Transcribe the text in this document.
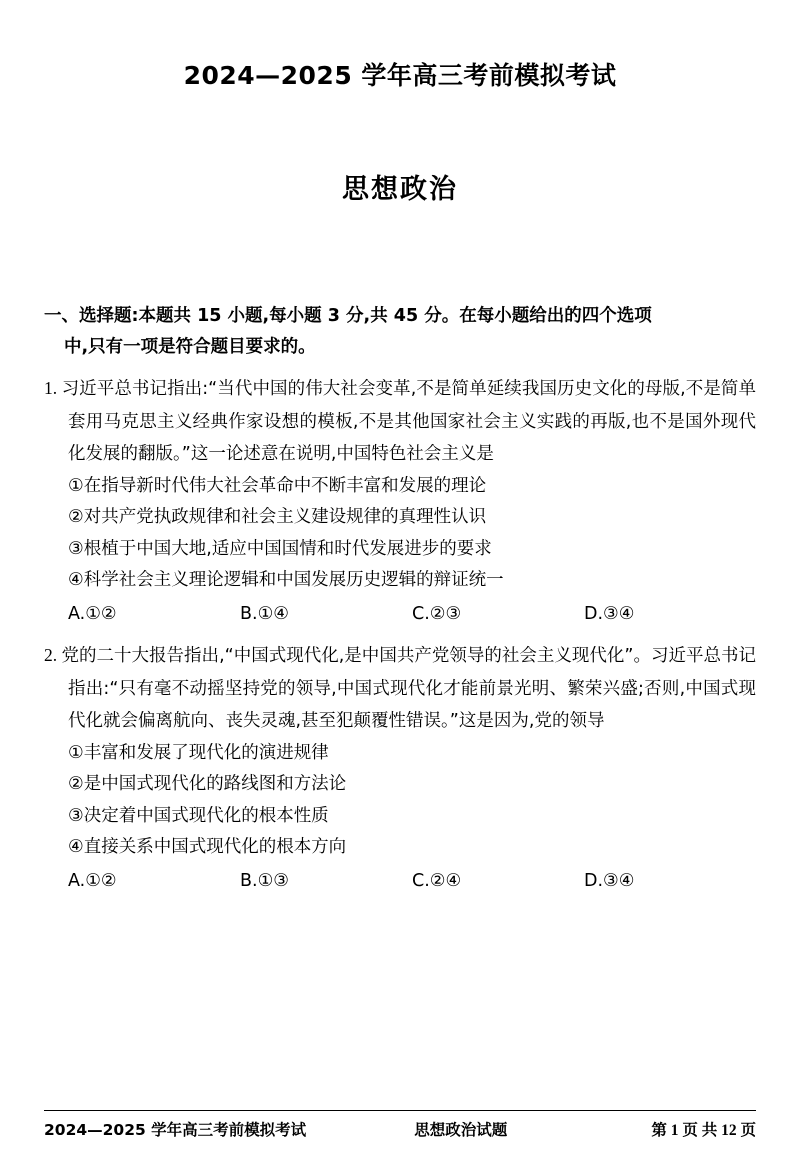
2024—2025 学年高三考前模拟考试
思想政治
一、选择题:本题共 15 小题,每小题 3 分,共 45 分。在每小题给出的四个选项
中,只有一项是符合题目要求的。
1. 习近平总书记指出:“当代中国的伟大社会变革,不是简单延续我国历史文化的母版,不是简单套用马克思主义经典作家设想的模板,不是其他国家社会主义实践的再版,也不是国外现代化发展的翻版。”这一论述意在说明,中国特色社会主义是
①在指导新时代伟大社会革命中不断丰富和发展的理论
②对共产党执政规律和社会主义建设规律的真理性认识
③根植于中国大地,适应中国国情和时代发展进步的要求
④科学社会主义理论逻辑和中国发展历史逻辑的辩证统一
A.①②	B.①④	C.②③	D.③④
2. 党的二十大报告指出,“中国式现代化,是中国共产党领导的社会主义现代化”。习近平总书记指出:“只有毫不动摇坚持党的领导,中国式现代化才能前景光明、繁荣兴盛;否则,中国式现代化就会偏离航向、丧失灵魂,甚至犯颠覆性错误。”这是因为,党的领导
①丰富和发展了现代化的演进规律
②是中国式现代化的路线图和方法论
③决定着中国式现代化的根本性质
④直接关系中国式现代化的根本方向
A.①②	B.①③	C.②④	D.③④
2024—2025 学年高三考前模拟考试	思想政治试题	第 1 页 共 12 页
